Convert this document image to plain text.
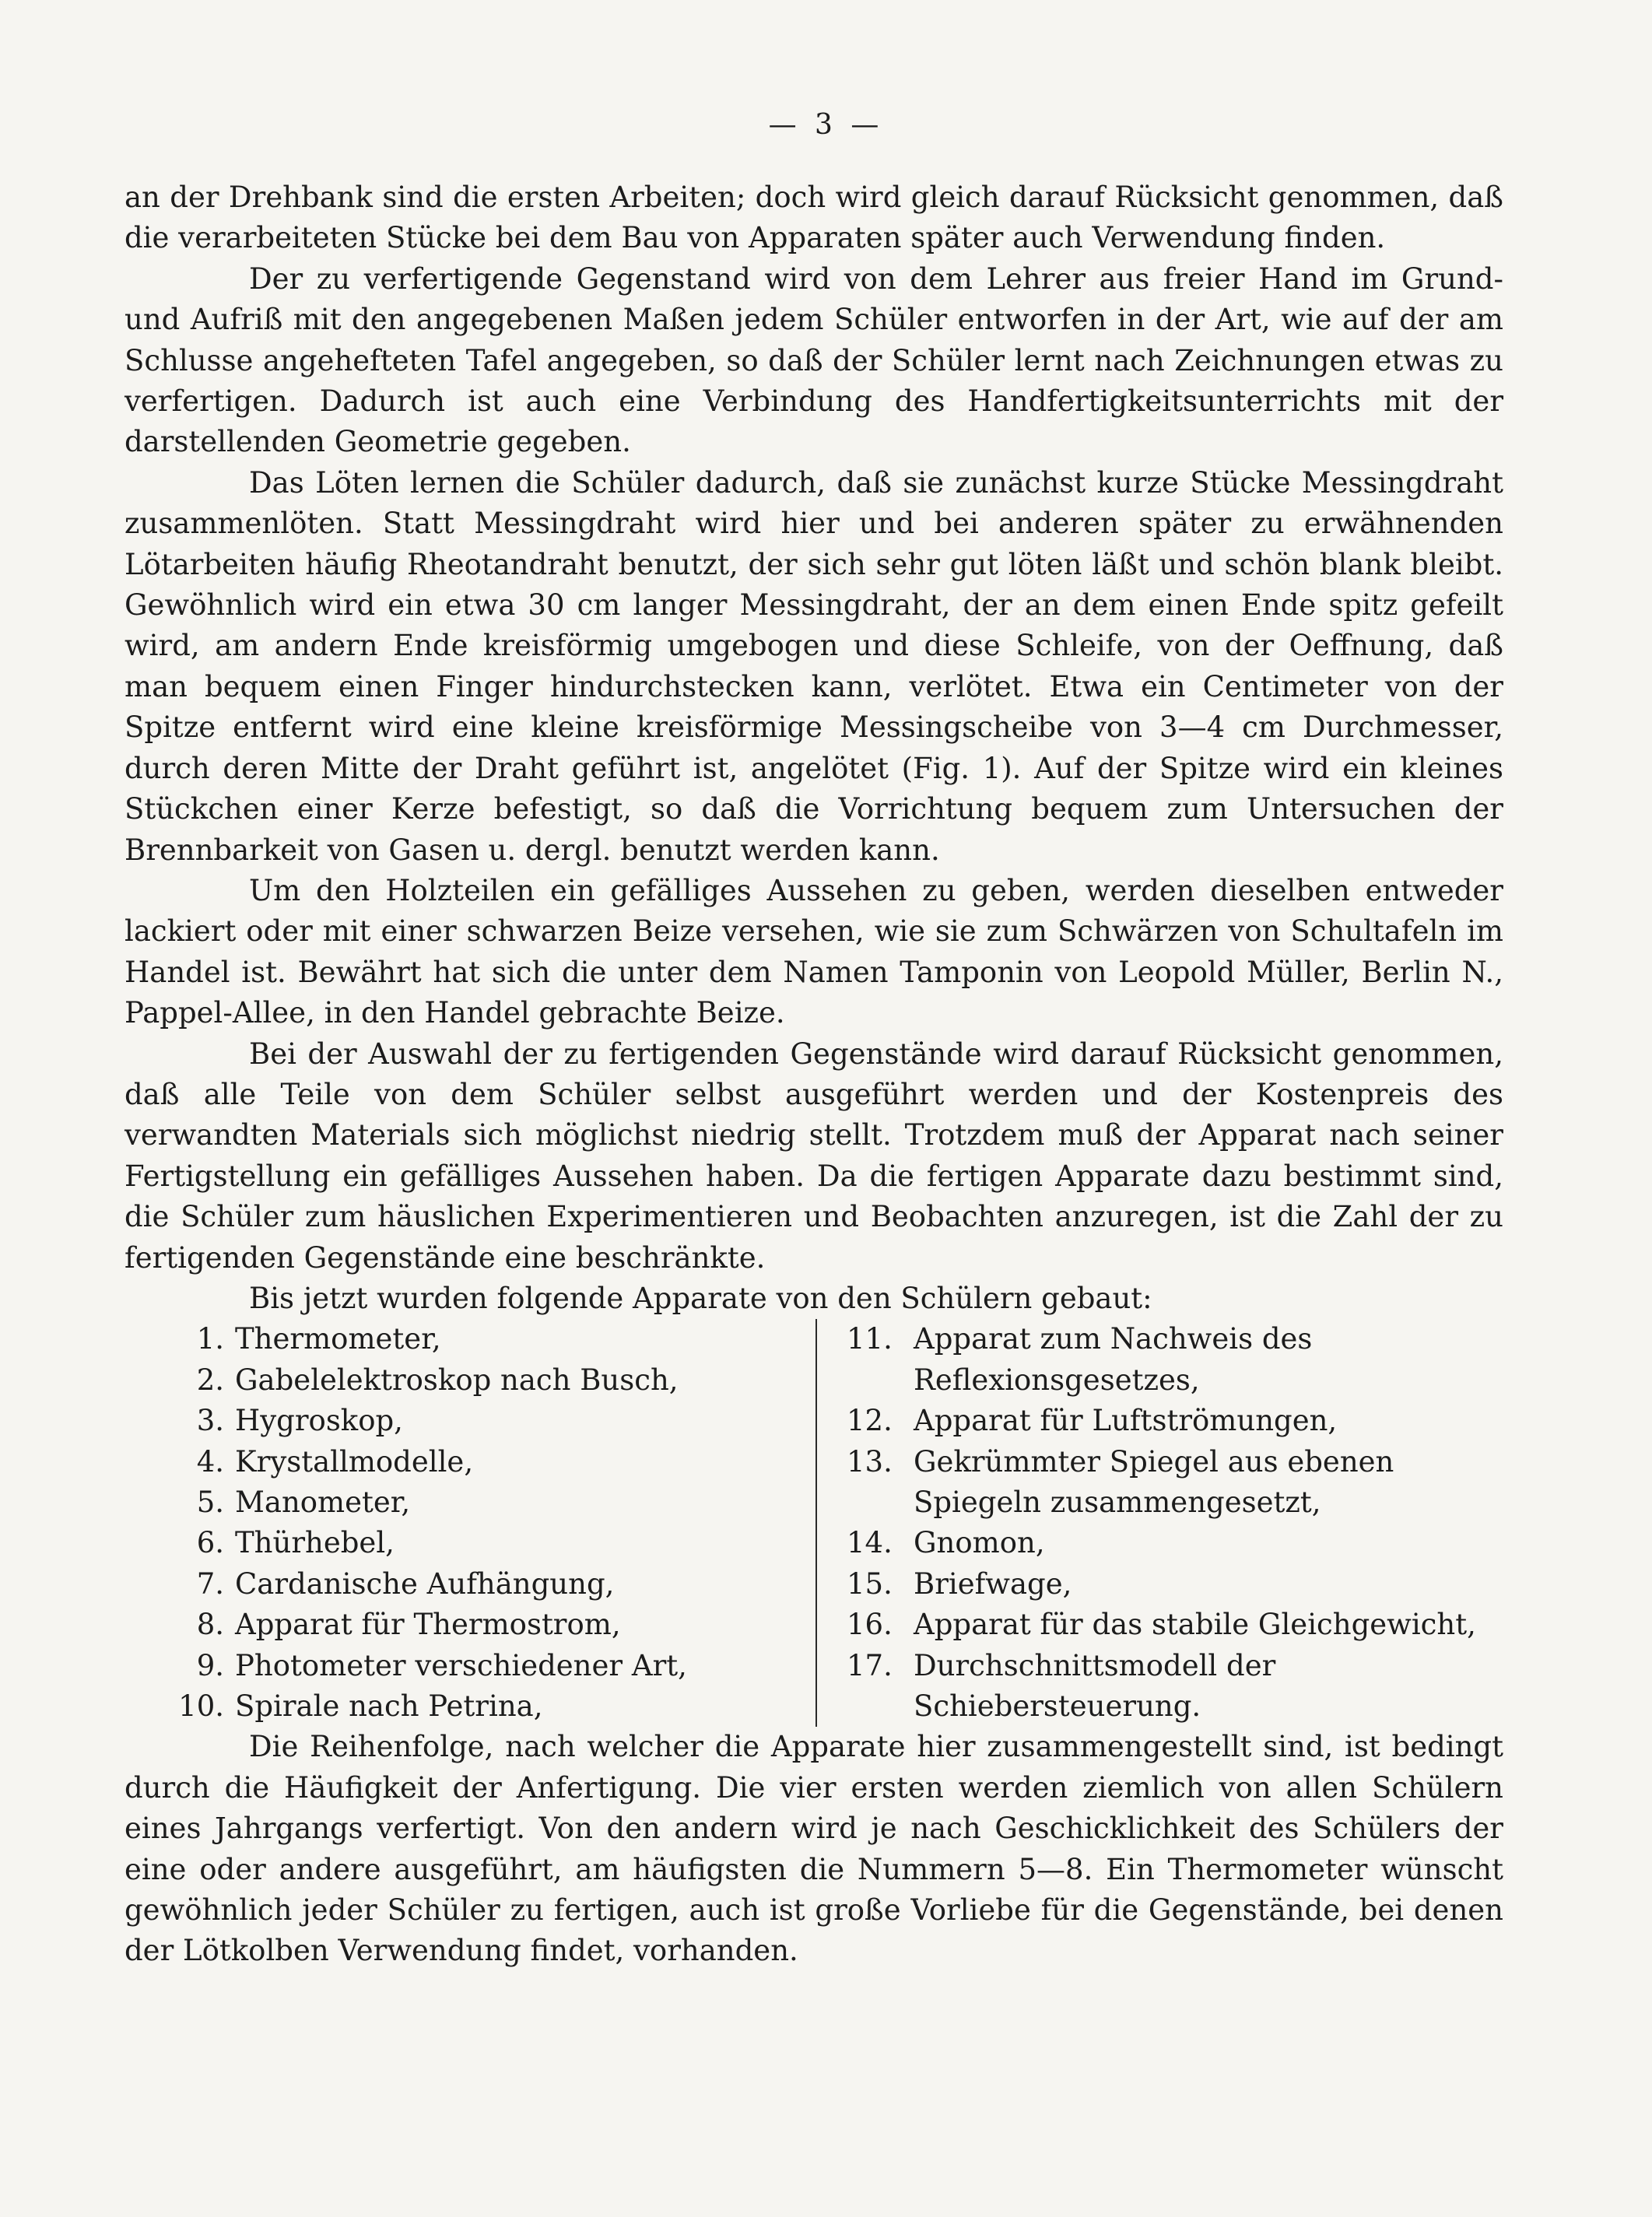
— 3 —

an der Drehbank sind die ersten Arbeiten; doch wird gleich darauf Rücksicht genommen, daß die verarbeiteten Stücke bei dem Bau von Apparaten später auch Verwendung finden.

Der zu verfertigende Gegenstand wird von dem Lehrer aus freier Hand im Grund- und Aufriß mit den angegebenen Maßen jedem Schüler entworfen in der Art, wie auf der am Schlusse angehefteten Tafel angegeben, so daß der Schüler lernt nach Zeichnungen etwas zu verfertigen. Dadurch ist auch eine Verbindung des Handfertigkeitsunterrichts mit der darstellenden Geometrie gegeben.

Das Löten lernen die Schüler dadurch, daß sie zunächst kurze Stücke Messingdraht zusammenlöten. Statt Messingdraht wird hier und bei anderen später zu erwähnenden Lötarbeiten häufig Rheotandraht benutzt, der sich sehr gut löten läßt und schön blank bleibt. Gewöhnlich wird ein etwa 30 cm langer Messingdraht, der an dem einen Ende spitz gefeilt wird, am andern Ende kreisförmig umgebogen und diese Schleife, von der Oeffnung, daß man bequem einen Finger hindurchstecken kann, verlötet. Etwa ein Centimeter von der Spitze entfernt wird eine kleine kreisförmige Messingscheibe von 3—4 cm Durchmesser, durch deren Mitte der Draht geführt ist, angelötet (Fig. 1). Auf der Spitze wird ein kleines Stückchen einer Kerze befestigt, so daß die Vorrichtung bequem zum Untersuchen der Brennbarkeit von Gasen u. dergl. benutzt werden kann.

Um den Holzteilen ein gefälliges Aussehen zu geben, werden dieselben entweder lackiert oder mit einer schwarzen Beize versehen, wie sie zum Schwärzen von Schultafeln im Handel ist. Bewährt hat sich die unter dem Namen Tamponin von Leopold Müller, Berlin N., Pappel-Allee, in den Handel gebrachte Beize.

Bei der Auswahl der zu fertigenden Gegenstände wird darauf Rücksicht genommen, daß alle Teile von dem Schüler selbst ausgeführt werden und der Kostenpreis des verwandten Materials sich möglichst niedrig stellt. Trotzdem muß der Apparat nach seiner Fertigstellung ein gefälliges Aussehen haben. Da die fertigen Apparate dazu bestimmt sind, die Schüler zum häuslichen Experimentieren und Beobachten anzuregen, ist die Zahl der zu fertigenden Gegenstände eine beschränkte.

Bis jetzt wurden folgende Apparate von den Schülern gebaut:

1. Thermometer,
2. Gabelelektroskop nach Busch,
3. Hygroskop,
4. Krystallmodelle,
5. Manometer,
6. Thürhebel,
7. Cardanische Aufhängung,
8. Apparat für Thermostrom,
9. Photometer verschiedener Art,
10. Spirale nach Petrina,
11. Apparat zum Nachweis des Reflexionsgesetzes,
12. Apparat für Luftströmungen,
13. Gekrümmter Spiegel aus ebenen Spiegeln zusammengesetzt,
14. Gnomon,
15. Briefwage,
16. Apparat für das stabile Gleichgewicht,
17. Durchschnittsmodell der Schiebersteuerung.

Die Reihenfolge, nach welcher die Apparate hier zusammengestellt sind, ist bedingt durch die Häufigkeit der Anfertigung. Die vier ersten werden ziemlich von allen Schülern eines Jahrgangs verfertigt. Von den andern wird je nach Geschicklichkeit des Schülers der eine oder andere ausgeführt, am häufigsten die Nummern 5—8. Ein Thermometer wünscht gewöhnlich jeder Schüler zu fertigen, auch ist große Vorliebe für die Gegenstände, bei denen der Lötkolben Verwendung findet, vorhanden.
